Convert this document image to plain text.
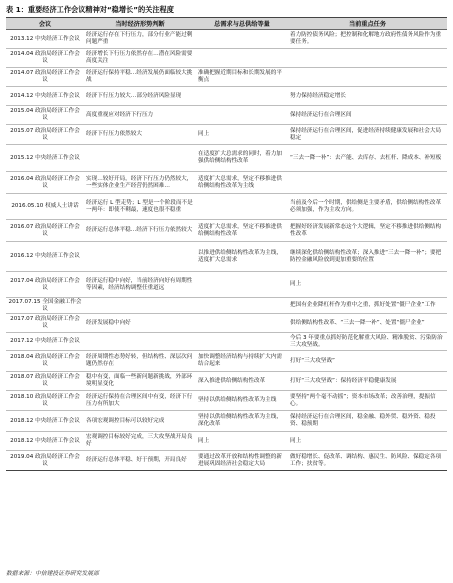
表 1：重要经济工作会议精神对“稳增长”的关注程度
会议	当时经济形势判断	总需求与总供给等量	当前重点任务
2013.12 中央经济工作会议	经济运行存在下行压力，部分行业产能过剩问题严重		着力防控债务风险；把控制和化解地方政府性债务风险作为重要任务。
2014.04 政治局经济工作会议	经济增长下行压力依然存在…潜在风险需要高度关注		
2014.07 政治局经济工作会议	经济运行保持平稳…经济发展仍面临较大挑战	准确把握近期目标和长期发展的平衡点	
2014.12 中央经济工作会议	经济下行压力较大…部分经济风险显现		努力保持经济稳定增长
2015.04 政治局经济工作会议	高度重视应对经济下行压力		保持经济运行在合理区间
2015.07 政治局经济工作会议	经济下行压力依然较大	同上	保持经济运行在合理区间，促进经济持续健康发展和社会大局稳定
2015.12 中央经济工作会议		在适度扩大总需求的同时，着力加强供给侧结构性改革	“三去一降一补”：去产能、去库存、去杠杆、降成本、补短板
2016.04 政治局经济工作会议	实现…较好开局，经济下行压力仍然较大，一些实体企业生产经营仍然困难…	适度扩大总需求，坚定不移推进供给侧结构性改革为主线	
2016.05.10 权威人士讲话	经济运行 L 型走势；L 型是一个阶段而不是一两年：即使不剩最，速度也很不稳重		当前及今后一个时期，供给侧是主要矛盾，供给侧结构性改革必须加强，作为主攻方向。
2016.07 政治局经济工作会议	经济运行总体平稳…经济下行压力依然较大	适度扩大总需求，坚定不移推进供给侧结构性改革	把握好经济发展新常态这个大逻辑，坚定不移推进供给侧结构性改革
2016.12 中央经济工作会议		以推进供给侧结构性改革为主线，适度扩大总需求	继续深化供给侧结构性改革；深入推进“三去一降一补”；要把防控金融风险放到更加重要的位置
2017.04 政治局经济工作会议	经济运行稳中向好，当前经济向好有周期性等因素，经济结构调整任重道远		同上
2017.07.15 全国金融工作会议			把国有企业降杠杆作为重中之重，抓好处置“僵尸企业”工作
2017.07 政治局经济工作会议	经济发展稳中向好		供给侧结构性改革、“三去一降一补”、处置“僵尸企业”
2017.12 中央经济工作会议			今后 3 年要重点抓好防范化解重大风险、精准脱贫、污染防治三大攻坚战。
2018.04 政治局经济工作会议	经济周期性态势好转，但结构性、深层次问题仍然存在	加快调整经济结构与持续扩大内需结合起来	打好“三大攻坚战”
2018.07 政治局经济工作会议	稳中有变，面临一些新问题新挑战，外部环境明显变化	深入推进供给侧结构性改革	打好“三大攻坚战”：保持经济平稳健康发展
2018.10 政治局经济工作会议	经济运行保持在合理区间中有变，经济下行压力有所加大	坚持以供给侧结构性改革为主线	要坚持“两个毫不动摇”；资本市场改革；改善治理，提振信心。
2018.12 中央经济工作会议	各项宏观调控目标可以较好完成	坚持以供给侧结构性改革为主线，深化改革	保持经济运行在合理区间，稳金融、稳外贸、稳外资、稳投资、稳预期
2018.12 中央经济工作会议	宏观调控目标较好完成，三大攻坚战开局良好	同上	同上
2019.04 政治局经济工作会议	经济运行总体平稳、好于预期，开局良好	要通过改革开放和结构性调整的新进展巩固经济社会稳定大局	做好稳增长、促改革、调结构、惠民生、防风险、保稳定各项工作；扶贫等。
数据来源：中信建投证券研究发展部
